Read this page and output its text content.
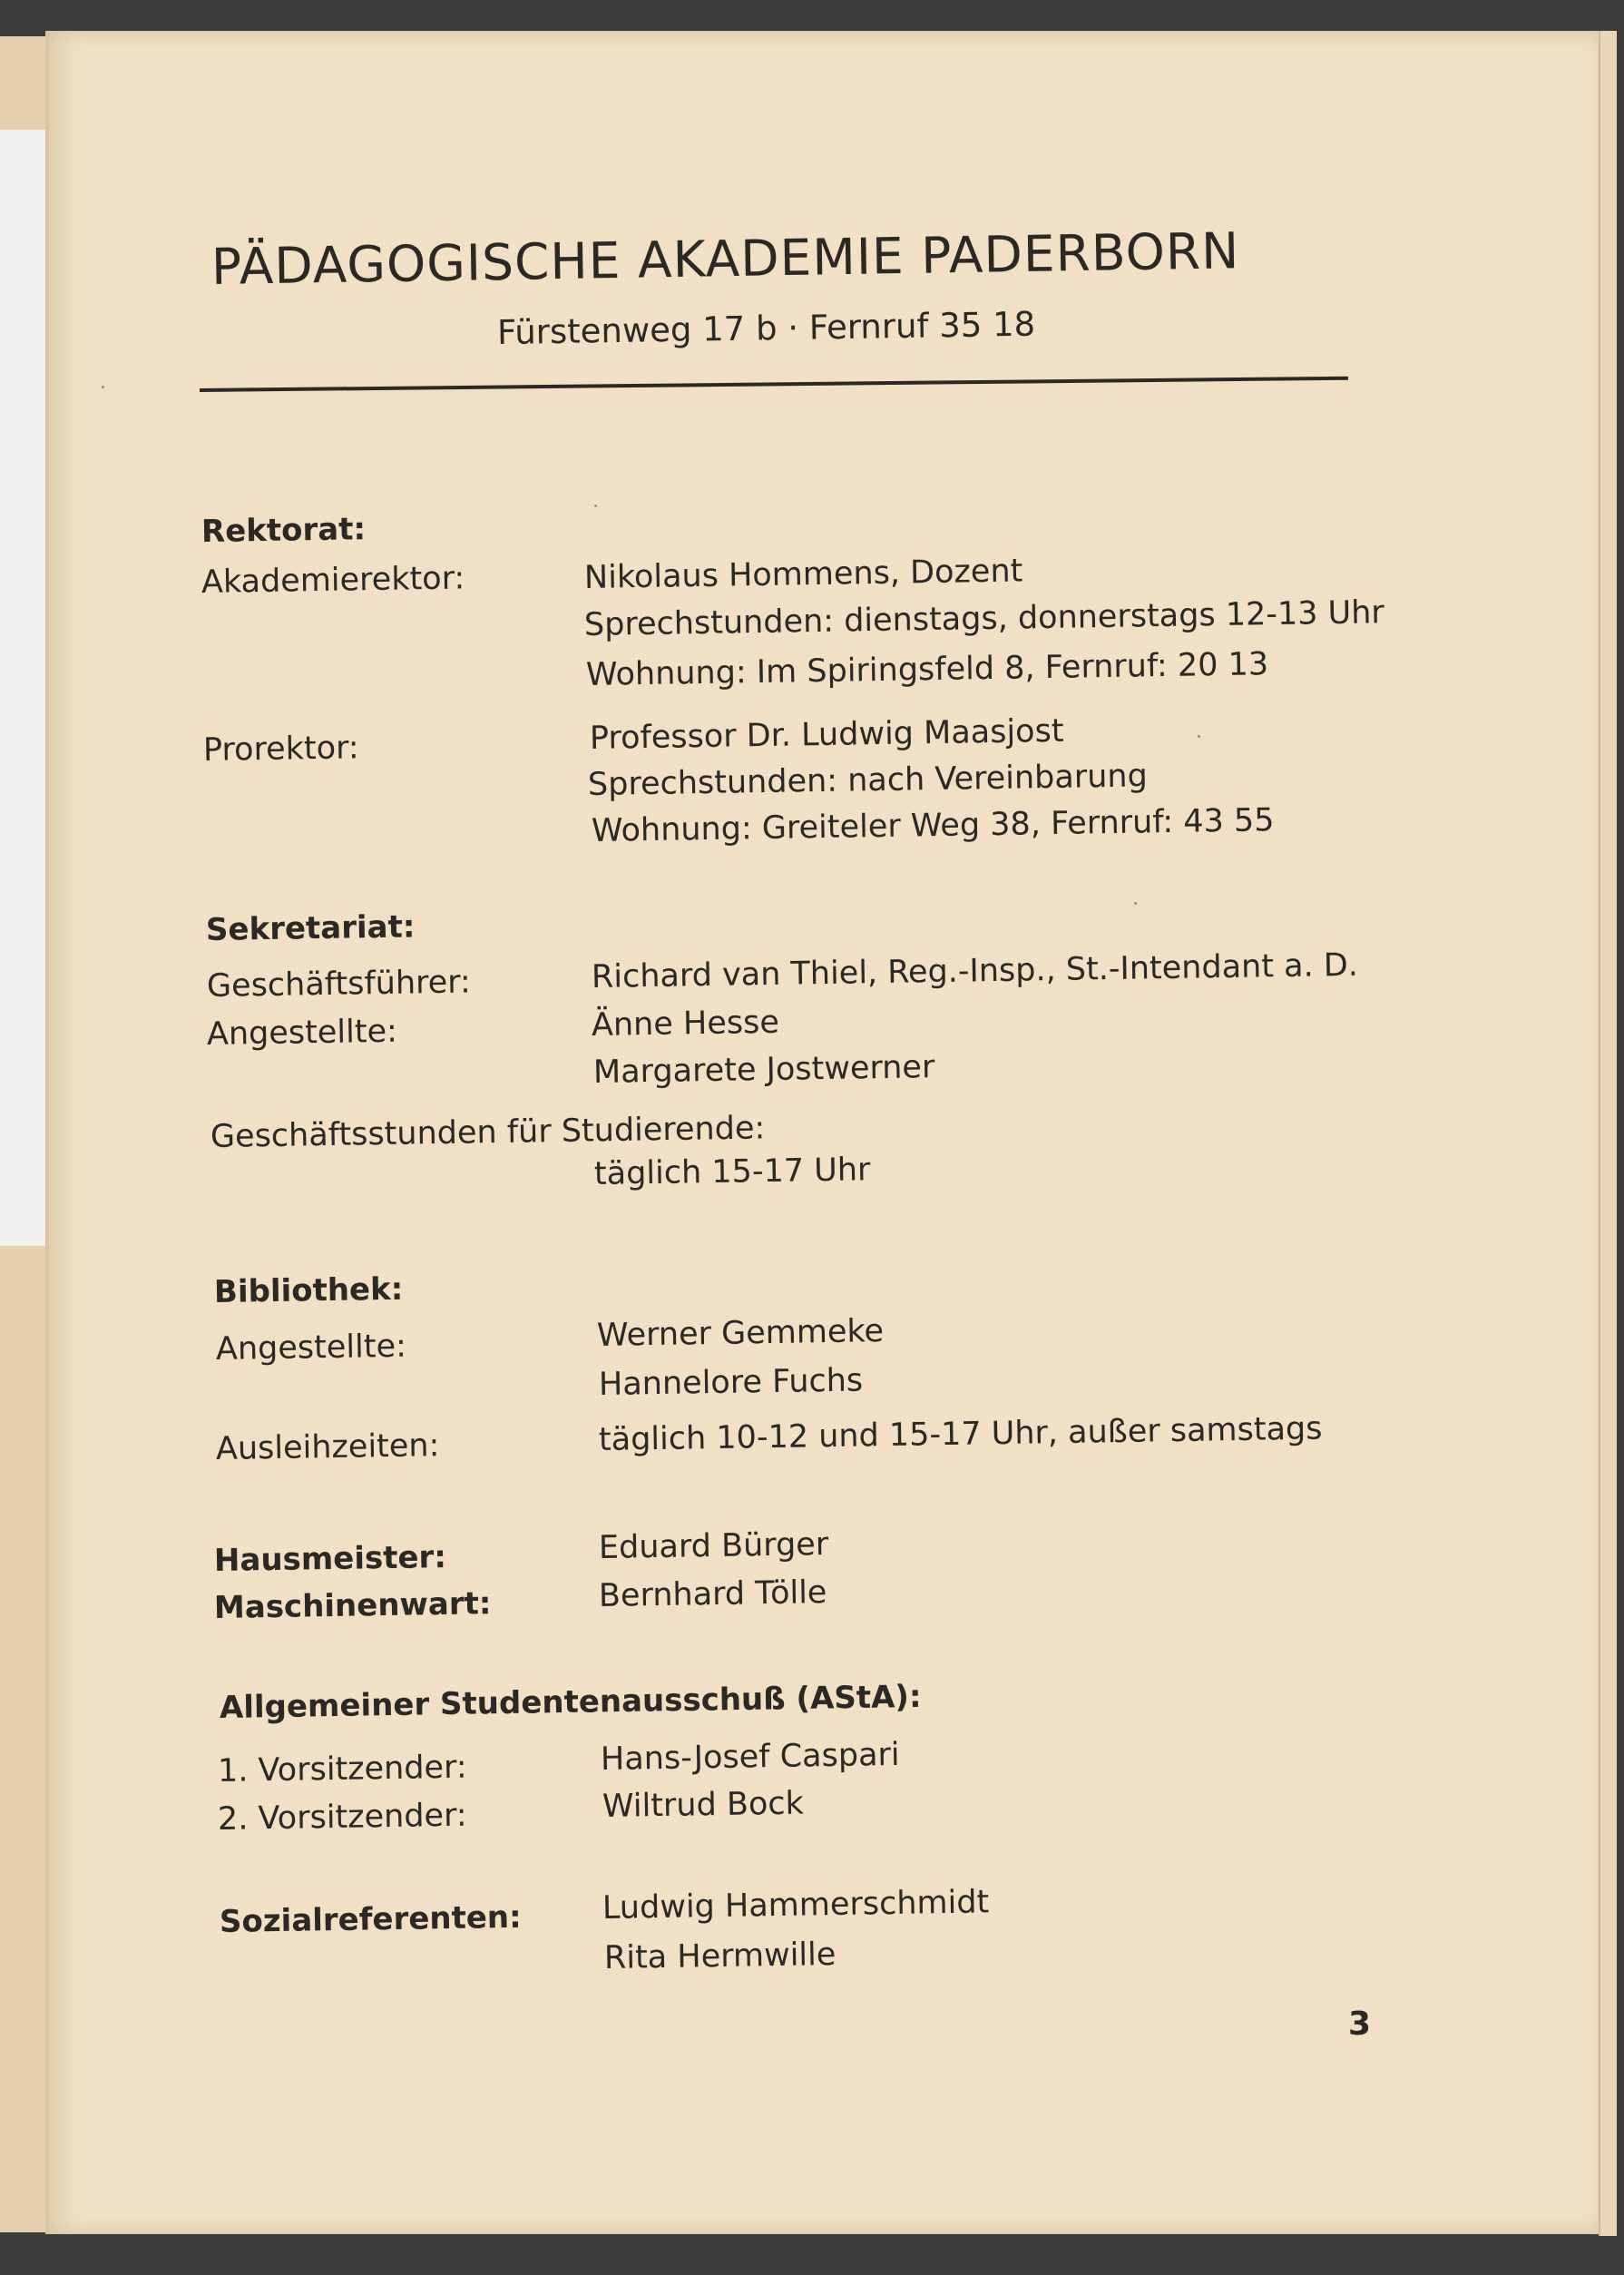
PÄDAGOGISCHE AKADEMIE PADERBORN
Fürstenweg 17 b · Fernruf 35 18
Rektorat:
Akademierektor:	Nikolaus Hommens, Dozent
Sprechstunden: dienstags, donnerstags 12-13 Uhr
Wohnung: Im Spiringsfeld 8, Fernruf: 20 13
Prorektor:	Professor Dr. Ludwig Maasjost
Sprechstunden: nach Vereinbarung
Wohnung: Greiteler Weg 38, Fernruf: 43 55
Sekretariat:
Geschäftsführer:	Richard van Thiel, Reg.-Insp., St.-Intendant a. D.
Angestellte:	Änne Hesse
Margarete Jostwerner
Geschäftsstunden für Studierende:
täglich 15-17 Uhr
Bibliothek:
Angestellte:	Werner Gemmeke
Hannelore Fuchs
Ausleihzeiten:	täglich 10-12 und 15-17 Uhr, außer samstags
Hausmeister:	Eduard Bürger
Maschinenwart:	Bernhard Tölle
Allgemeiner Studentenausschuß (AStA):
1. Vorsitzender:	Hans-Josef Caspari
2. Vorsitzender:	Wiltrud Bock
Sozialreferenten:	Ludwig Hammerschmidt
Rita Hermwille
3
